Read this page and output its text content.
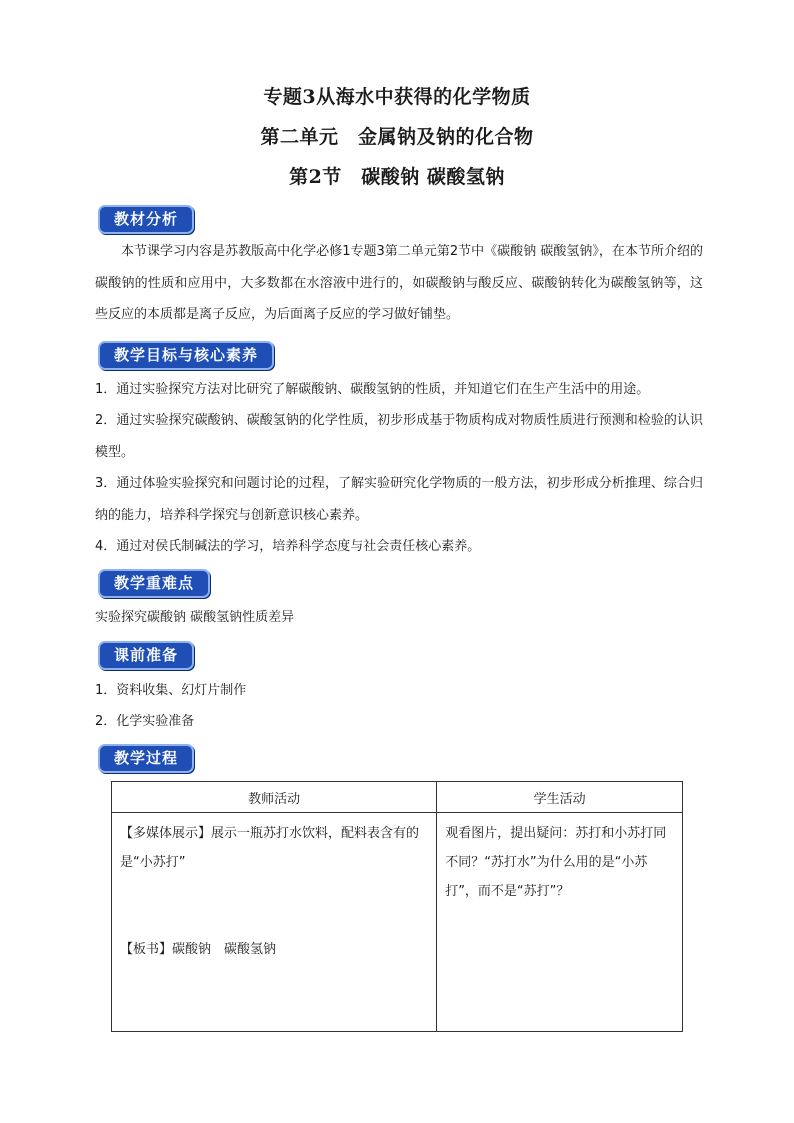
专题3从海水中获得的化学物质
第二单元　金属钠及钠的化合物
第2节　碳酸钠 碳酸氢钠
教材分析
本节课学习内容是苏教版高中化学必修1专题3第二单元第2节中《碳酸钠 碳酸氢钠》，在本节所介绍的碳酸钠的性质和应用中，大多数都在水溶液中进行的，如碳酸钠与酸反应、碳酸钠转化为碳酸氢钠等，这些反应的本质都是离子反应，为后面离子反应的学习做好铺垫。
教学目标与核心素养
1．通过实验探究方法对比研究了解碳酸钠、碳酸氢钠的性质，并知道它们在生产生活中的用途。
2．通过实验探究碳酸钠、碳酸氢钠的化学性质，初步形成基于物质构成对物质性质进行预测和检验的认识模型。
3．通过体验实验探究和问题讨论的过程，了解实验研究化学物质的一般方法，初步形成分析推理、综合归纳的能力，培养科学探究与创新意识核心素养。
4．通过对侯氏制碱法的学习，培养科学态度与社会责任核心素养。
教学重难点
实验探究碳酸钠 碳酸氢钠性质差异
课前准备
1．资料收集、幻灯片制作
2．化学实验准备
教学过程
教师活动	学生活动

【多媒体展示】展示一瓶苏打水饮料，配料表含有的是“小苏打”
【板书】碳酸钠　碳酸氢钠	观看图片，提出疑问：苏打和小苏打同不同？“苏打水”为什么用的是“小苏打”，而不是“苏打”？
